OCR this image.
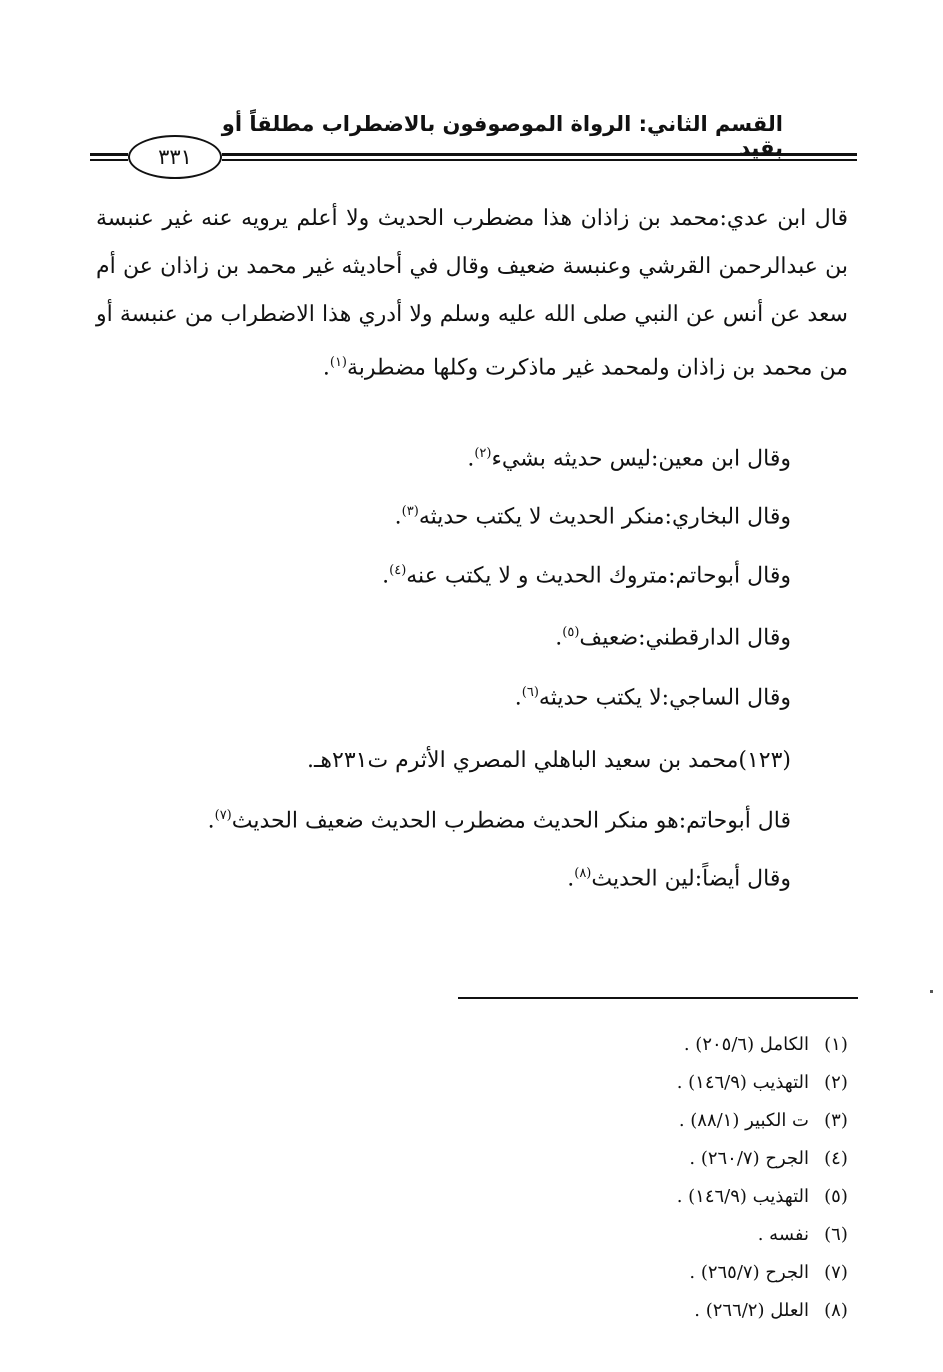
القسم الثاني: الرواة الموصوفون بالاضطراب مطلقاً أو بقيد
٣٣١
قال ابن عدي:محمد بن زاذان هذا مضطرب الحديث ولا أعلم يرويه عنه غير عنبسة بن عبدالرحمن القرشي وعنبسة ضعيف وقال في أحاديثه غير محمد بن زاذان عن أم سعد عن أنس عن النبي صلى الله عليه وسلم ولا أدري هذا الاضطراب من عنبسة أو من محمد بن زاذان ولمحمد غير ماذكرت وكلها مضطربة$^{(١)}$.
وقال ابن معين:ليس حديثه بشيء$^{(٢)}$.
وقال البخاري:منكر الحديث لا يكتب حديثه$^{(٣)}$.
وقال أبوحاتم:متروك الحديث و لا يكتب عنه$^{(٤)}$.
وقال الدارقطني:ضعيف$^{(٥)}$.
وقال الساجي:لا يكتب حديثه$^{(٦)}$.
(١٢٣)محمد بن سعيد الباهلي المصري الأثرم ت٢٣١هـ.
قال أبوحاتم:هو منكر الحديث مضطرب الحديث ضعيف الحديث$^{(٧)}$.
وقال أيضاً:لين الحديث$^{(٨)}$.
(١)الكامل (٢٠٥/٦) .
(٢)التهذيب (١٤٦/٩) .
(٣)ت الكبير (٨٨/١) .
(٤)الجرح (٢٦٠/٧) .
(٥)التهذيب (١٤٦/٩) .
(٦)نفسه .
(٧)الجرح (٢٦٥/٧) .
(٨)العلل (٢٦٦/٢) .
